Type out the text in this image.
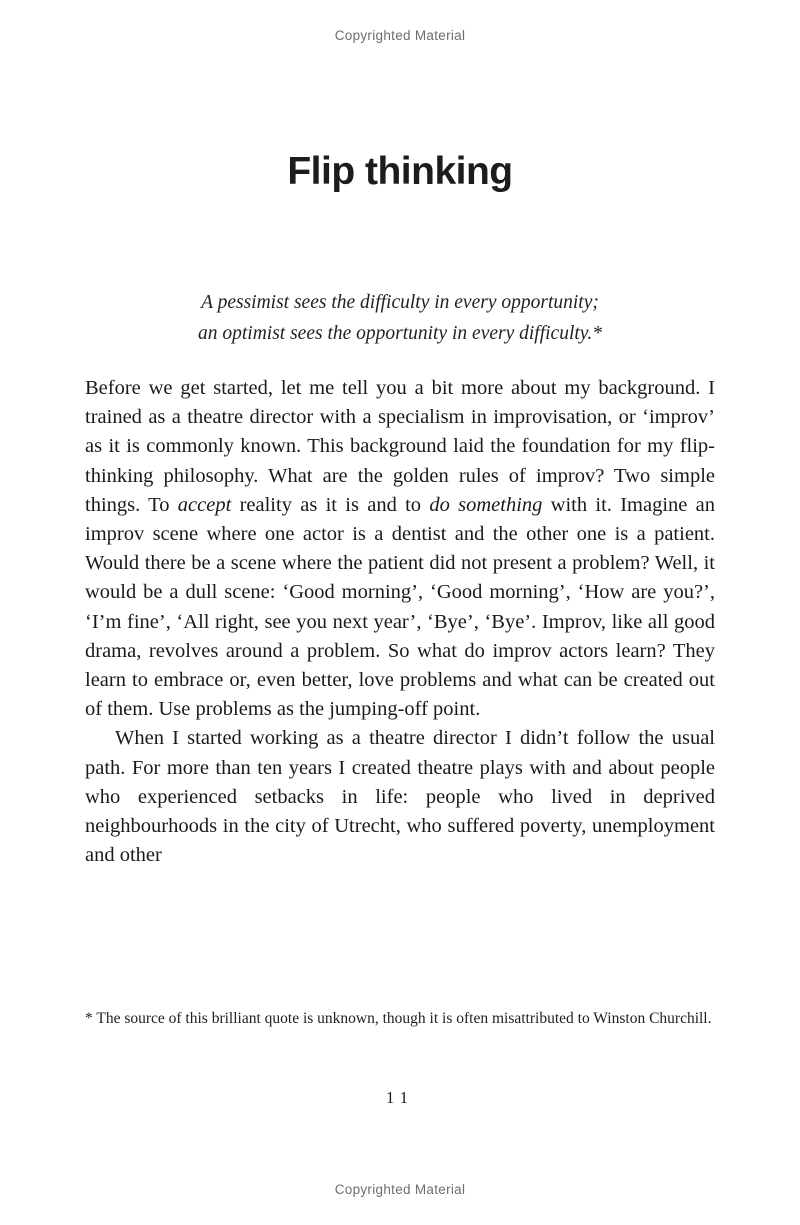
Copyrighted Material
Flip thinking
A pessimist sees the difficulty in every opportunity;
an optimist sees the opportunity in every difficulty.*

Before we get started, let me tell you a bit more about my background. I trained as a theatre director with a specialism in improvisation, or ‘improv’ as it is commonly known. This background laid the foundation for my flip-thinking philosophy. What are the golden rules of improv? Two simple things. To accept reality as it is and to do something with it. Imagine an improv scene where one actor is a dentist and the other one is a patient. Would there be a scene where the patient did not present a problem? Well, it would be a dull scene: ‘Good morning’, ‘Good morning’, ‘How are you?’, ‘I’m fine’, ‘All right, see you next year’, ‘Bye’, ‘Bye’. Improv, like all good drama, revolves around a problem. So what do improv actors learn? They learn to embrace or, even better, love problems and what can be created out of them. Use problems as the jumping-off point.

When I started working as a theatre director I didn’t follow the usual path. For more than ten years I created theatre plays with and about people who experienced setbacks in life: people who lived in deprived neighbourhoods in the city of Utrecht, who suffered poverty, unemployment and other

* The source of this brilliant quote is unknown, though it is often misattributed to Winston Churchill.
11
Copyrighted Material
